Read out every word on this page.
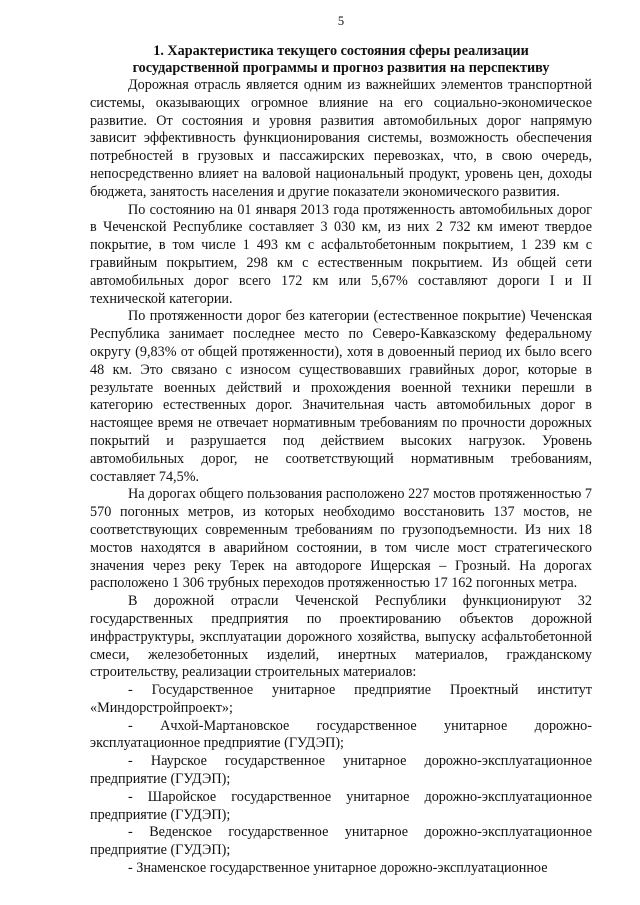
5
1. Характеристика текущего состояния сферы реализации
государственной программы и прогноз развития на перспективу

Дорожная отрасль является одним из важнейших элементов транспортной системы, оказывающих огромное влияние на его социально-экономическое развитие. От состояния и уровня развития автомобильных дорог напрямую зависит эффективность функционирования системы, возможность обеспечения потребностей в грузовых и пассажирских перевозках, что, в свою очередь, непосредственно влияет на валовой национальный продукт, уровень цен, доходы бюджета, занятость населения и другие показатели экономического развития.

По состоянию на 01 января 2013 года протяженность автомобильных дорог в Чеченской Республике составляет 3 030 км, из них 2 732 км имеют твердое покрытие, в том числе 1 493 км с асфальтобетонным покрытием, 1 239 км с гравийным покрытием, 298 км с естественным покрытием. Из общей сети автомобильных дорог всего 172 км или 5,67% составляют дороги I и II технической категории.

По протяженности дорог без категории (естественное покрытие) Чеченская Республика занимает последнее место по Северо-Кавказскому федеральному округу (9,83% от общей протяженности), хотя в довоенный период их было всего 48 км. Это связано с износом существовавших гравийных дорог, которые в результате военных действий и прохождения военной техники перешли в категорию естественных дорог. Значительная часть автомобильных дорог в настоящее время не отвечает нормативным требованиям по прочности дорожных покрытий и разрушается под действием высоких нагрузок. Уровень автомобильных дорог, не соответствующий нормативным требованиям, составляет 74,5%.

На дорогах общего пользования расположено 227 мостов протяженностью 7 570 погонных метров, из которых необходимо восстановить 137 мостов, не соответствующих современным требованиям по грузоподъемности. Из них 18 мостов находятся в аварийном состоянии, в том числе мост стратегического значения через реку Терек на автодороге Ищерская – Грозный. На дорогах расположено 1 306 трубных переходов протяженностью 17 162 погонных метра.

В дорожной отрасли Чеченской Республики функционируют 32 государственных предприятия по проектированию объектов дорожной инфраструктуры, эксплуатации дорожного хозяйства, выпуску асфальтобетонной смеси, железобетонных изделий, инертных материалов, гражданскому строительству, реализации строительных материалов:

- Государственное унитарное предприятие Проектный институт «Миндорстройпроект»;

- Ачхой-Мартановское государственное унитарное дорожно-эксплуатационное предприятие (ГУДЭП);

- Наурское государственное унитарное дорожно-эксплуатационное предприятие (ГУДЭП);

- Шаройское государственное унитарное дорожно-эксплуатационное предприятие (ГУДЭП);

- Веденское государственное унитарное дорожно-эксплуатационное предприятие (ГУДЭП);

- Знаменское государственное унитарное дорожно-эксплуатационное
